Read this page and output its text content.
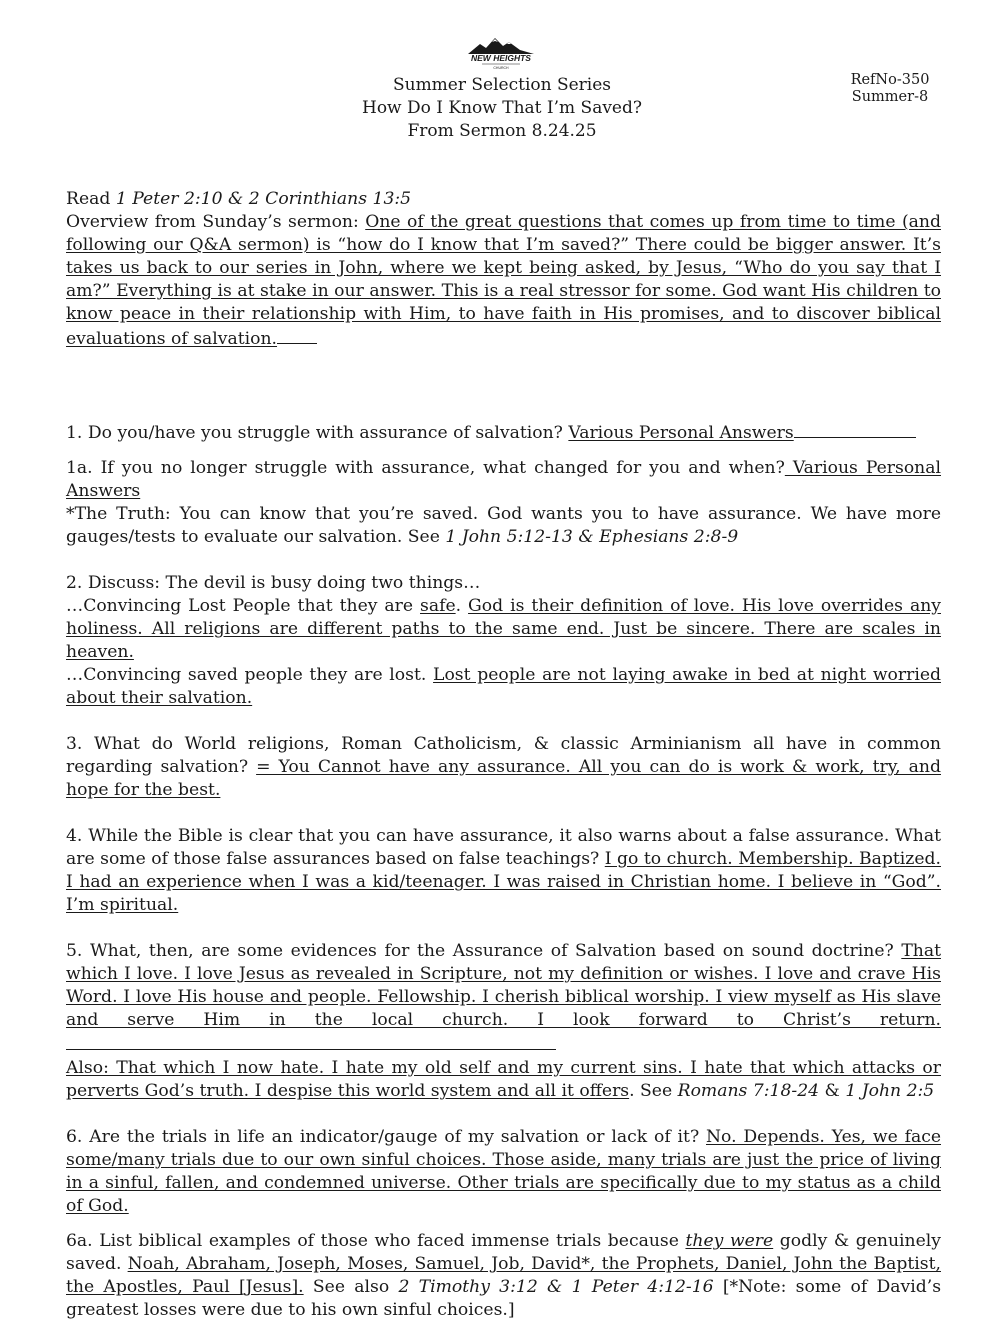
NEW HEIGHTS
CHURCH
Summer Selection Series
How Do I Know That I’m Saved?
From Sermon 8.24.25
RefNo-350
Summer-8
Read 1 Peter 2:10 & 2 Corinthians 13:5

Overview from Sunday’s sermon: One of the great questions that comes up from time to time (and following our Q&A sermon) is “how do I know that I’m saved?” There could be bigger answer. It’s takes us back to our series in John, where we kept being asked, by Jesus, “Who do you say that I am?” Everything is at stake in our answer. This is a real stressor for some. God want His children to know peace in their relationship with Him, to have faith in His promises, and to discover biblical evaluations of salvation.

1. Do you/have you struggle with assurance of salvation? Various Personal Answers

1a. If you no longer struggle with assurance, what changed for you and when? Various Personal Answers
*The Truth: You can know that you’re saved. God wants you to have assurance. We have more gauges/tests to evaluate our salvation. See 1 John 5:12-13 & Ephesians 2:8-9

2. Discuss: The devil is busy doing two things…
…Convincing Lost People that they are safe. God is their definition of love. His love overrides any holiness. All religions are different paths to the same end. Just be sincere. There are scales in heaven.
…Convincing saved people they are lost. Lost people are not laying awake in bed at night worried about their salvation.

3. What do World religions, Roman Catholicism, & classic Arminianism all have in common regarding salvation? = You Cannot have any assurance. All you can do is work & work, try, and hope for the best.

4. While the Bible is clear that you can have assurance, it also warns about a false assurance. What are some of those false assurances based on false teachings? I go to church. Membership. Baptized. I had an experience when I was a kid/teenager. I was raised in Christian home. I believe in “God”. I’m spiritual.

5. What, then, are some evidences for the Assurance of Salvation based on sound doctrine? That which I love. I love Jesus as revealed in Scripture, not my definition or wishes. I love and crave His Word. I love His house and people. Fellowship. I cherish biblical worship. I view myself as His slave and serve Him in the local church. I look forward to Christ’s return.
Also: That which I now hate. I hate my old self and my current sins. I hate that which attacks or perverts God’s truth. I despise this world system and all it offers. See Romans 7:18-24 & 1 John 2:5

6. Are the trials in life an indicator/gauge of my salvation or lack of it? No. Depends. Yes, we face some/many trials due to our own sinful choices. Those aside, many trials are just the price of living in a sinful, fallen, and condemned universe. Other trials are specifically due to my status as a child of God.

6a. List biblical examples of those who faced immense trials because they were godly & genuinely saved. Noah, Abraham, Joseph, Moses, Samuel, Job, David*, the Prophets, Daniel, John the Baptist, the Apostles, Paul [Jesus]. See also 2 Timothy 3:12 & 1 Peter 4:12-16 [*Note: some of David’s greatest losses were due to his own sinful choices.]
